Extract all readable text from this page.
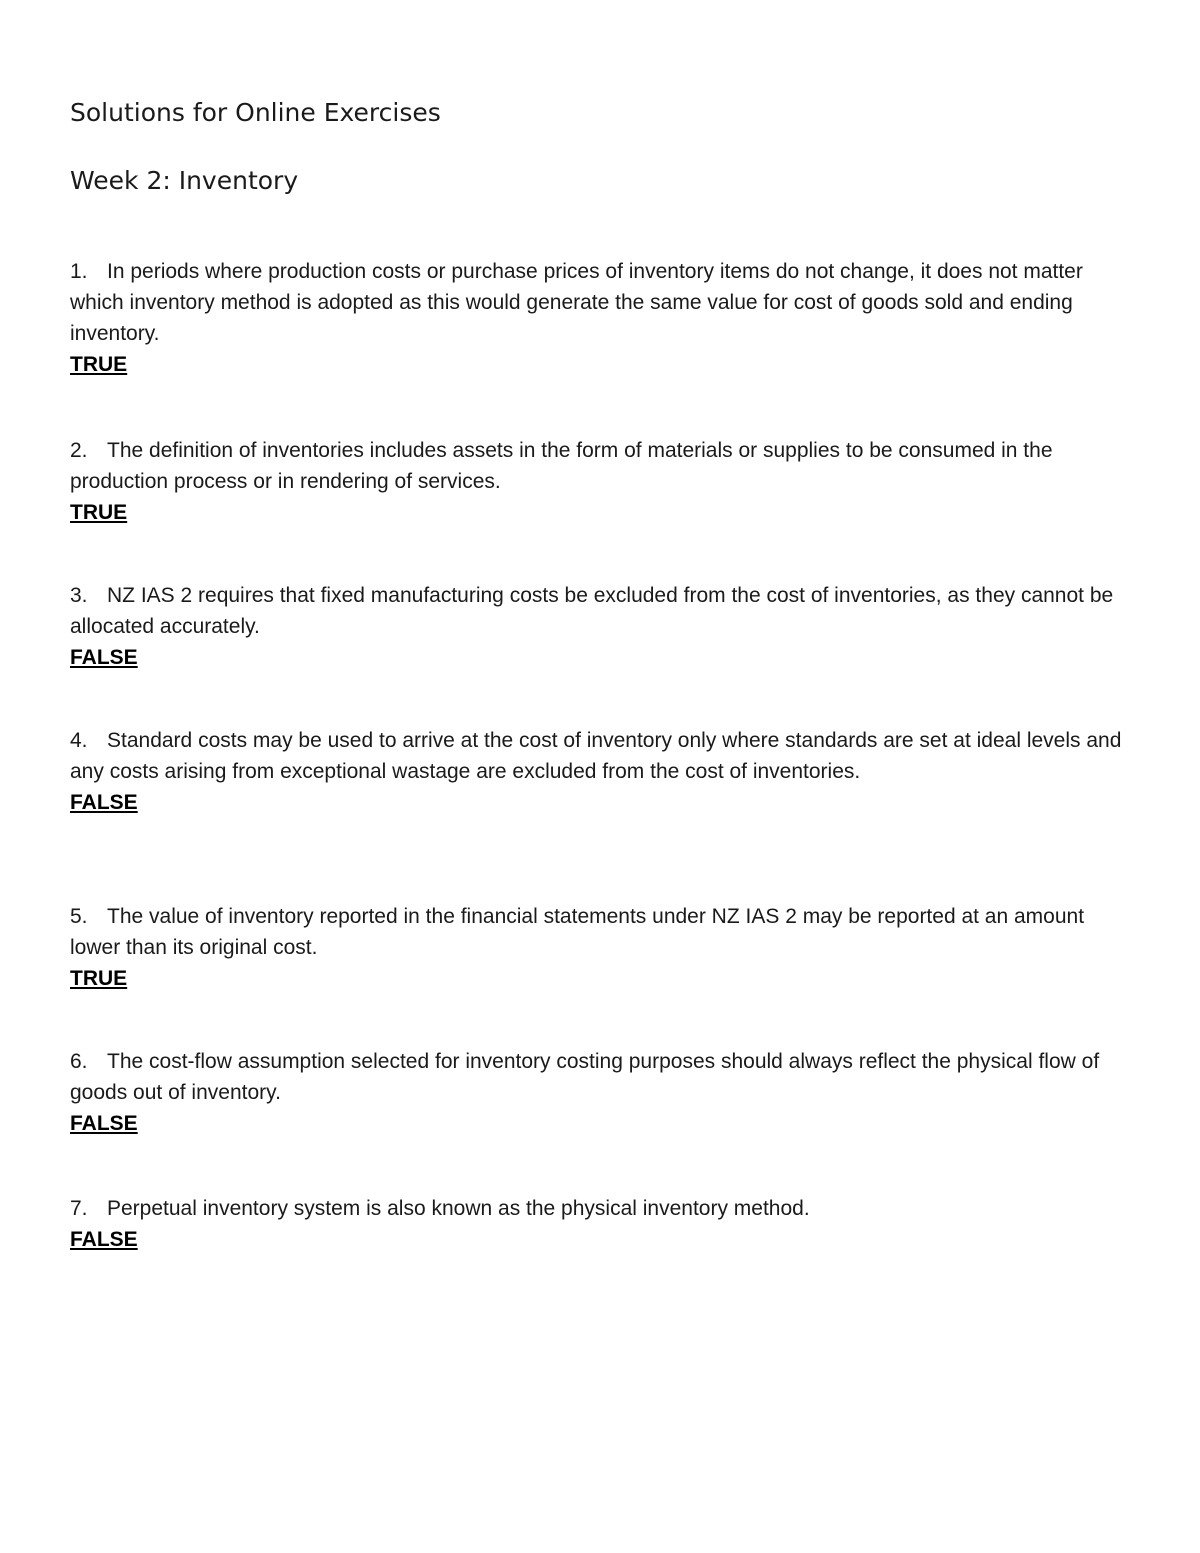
Solutions for Online Exercises
Week 2: Inventory

1. In periods where production costs or purchase prices of inventory items do not change, it does not matter which inventory method is adopted as this would generate the same value for cost of goods sold and ending inventory.

TRUE

2. The definition of inventories includes assets in the form of materials or supplies to be consumed in the production process or in rendering of services.

TRUE

3. NZ IAS 2 requires that fixed manufacturing costs be excluded from the cost of inventories, as they cannot be allocated accurately.

FALSE

4. Standard costs may be used to arrive at the cost of inventory only where standards are set at ideal levels and any costs arising from exceptional wastage are excluded from the cost of inventories.

FALSE

5. The value of inventory reported in the financial statements under NZ IAS 2 may be reported at an amount lower than its original cost.

TRUE

6. The cost-flow assumption selected for inventory costing purposes should always reflect the physical flow of goods out of inventory.

FALSE

7. Perpetual inventory system is also known as the physical inventory method.

FALSE
